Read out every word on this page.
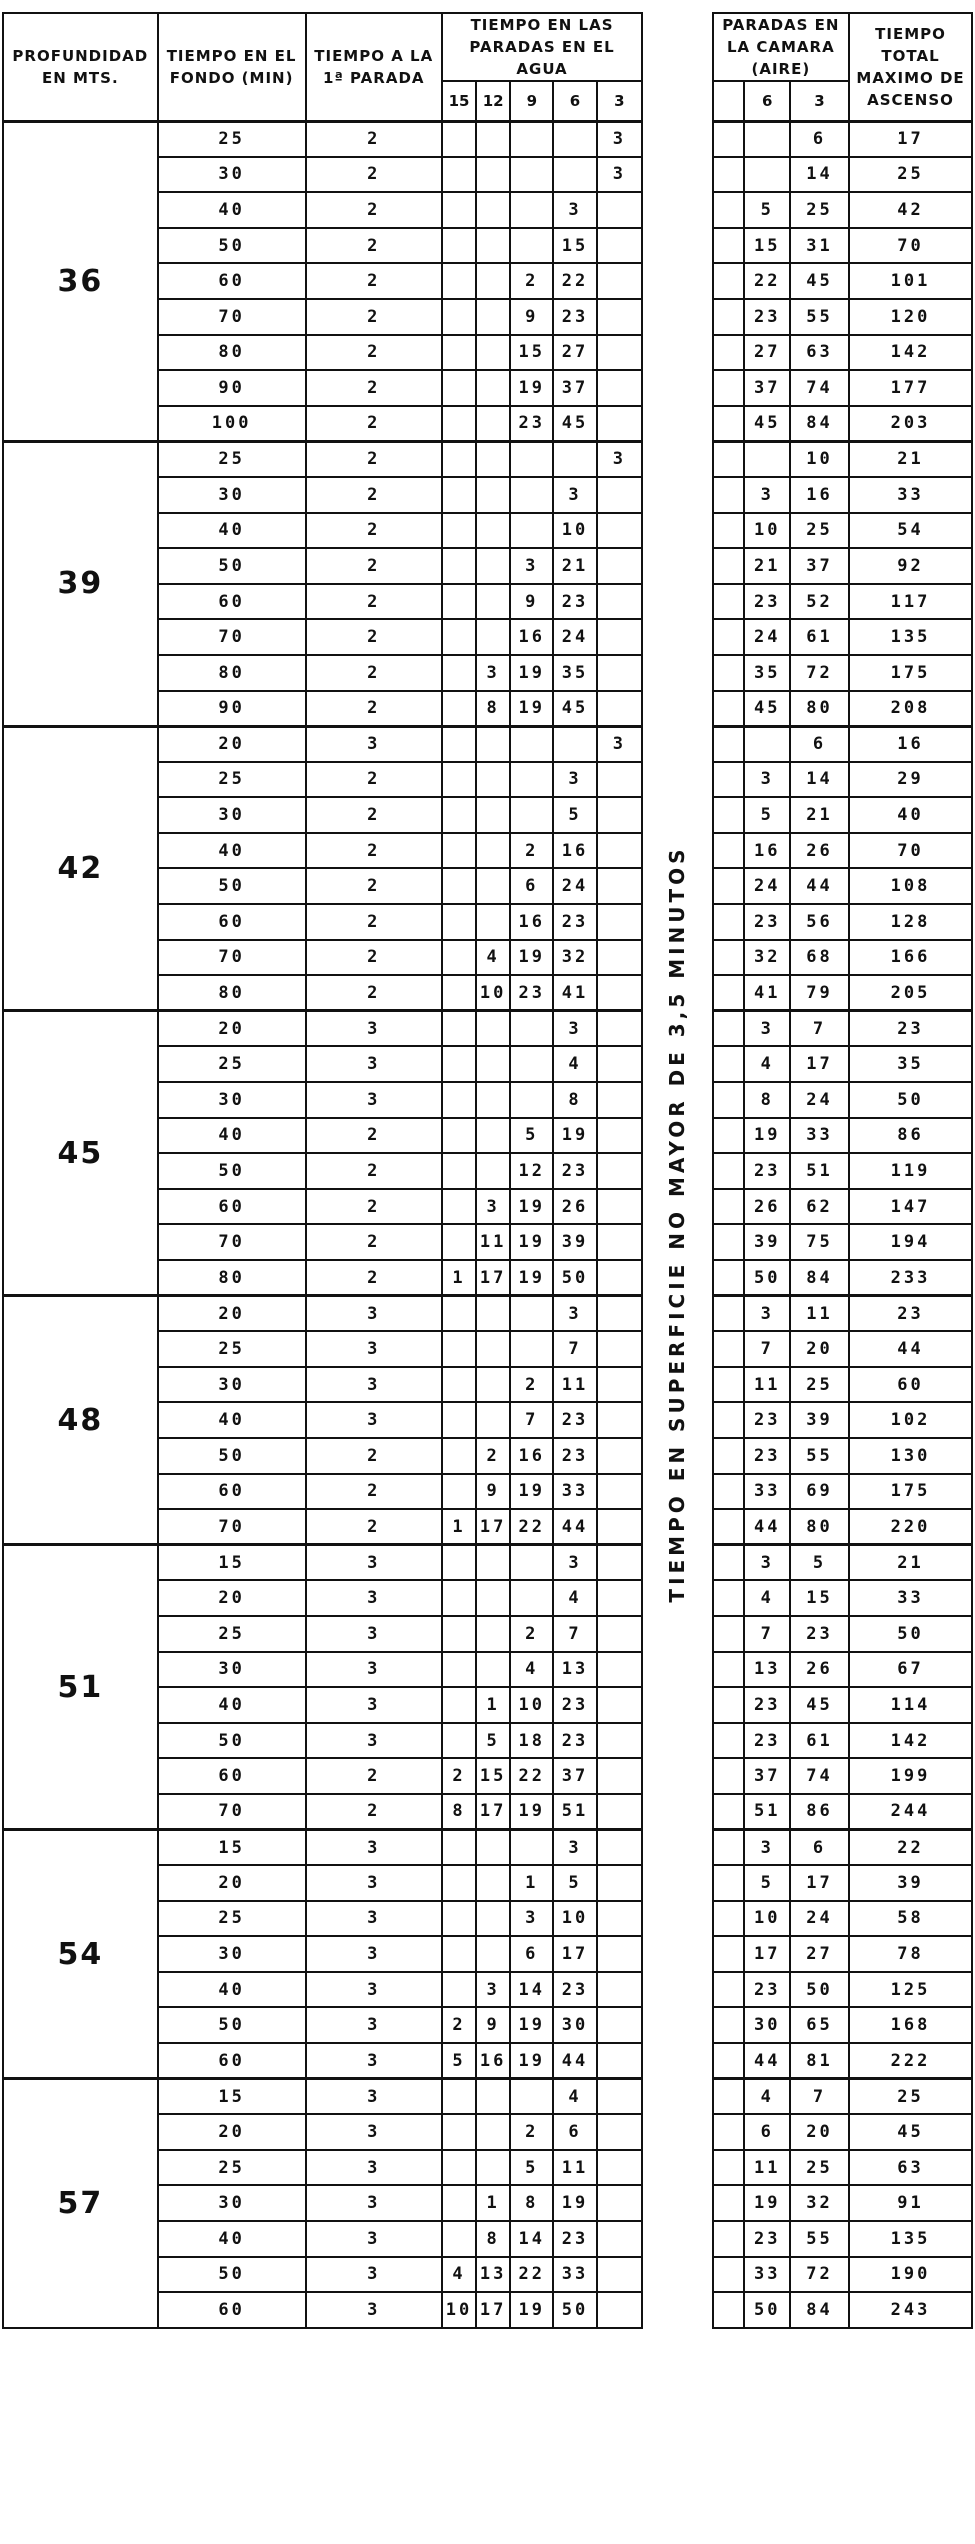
PROFUNDIDAD EN MTS.	TIEMPO EN EL FONDO (MIN)	TIEMPO A LA 1ª PARADA	TIEMPO EN LAS PARADAS EN EL AGUA						PARADAS EN LA CAMARA (AIRE)			TIEMPO TOTAL MAXIMO DE ASCENSO
			15	12	9	6	3			6	3	
36	25	2					3	TIEMPO EN SUPERFICIE NO MAYOR DE 3,5 MINUTOS			6	17
	30	2					3				14	25
	40	2				3				5	25	42
	50	2				15				15	31	70
	60	2			2	22				22	45	101
	70	2			9	23				23	55	120
	80	2			15	27				27	63	142
	90	2			19	37				37	74	177
	100	2			23	45				45	84	203
39	25	2					3				10	21
	30	2				3				3	16	33
	40	2				10				10	25	54
	50	2			3	21				21	37	92
	60	2			9	23				23	52	117
	70	2			16	24				24	61	135
	80	2		3	19	35				35	72	175
	90	2		8	19	45				45	80	208
42	20	3					3				6	16
	25	2				3				3	14	29
	30	2				5				5	21	40
	40	2			2	16				16	26	70
	50	2			6	24				24	44	108
	60	2			16	23				23	56	128
	70	2		4	19	32				32	68	166
	80	2		10	23	41				41	79	205
45	20	3				3				3	7	23
	25	3				4				4	17	35
	30	3				8				8	24	50
	40	2			5	19				19	33	86
	50	2			12	23				23	51	119
	60	2		3	19	26				26	62	147
	70	2		11	19	39				39	75	194
	80	2	1	17	19	50				50	84	233
48	20	3				3				3	11	23
	25	3				7				7	20	44
	30	3			2	11				11	25	60
	40	3			7	23				23	39	102
	50	2		2	16	23				23	55	130
	60	2		9	19	33				33	69	175
	70	2	1	17	22	44				44	80	220
51	15	3				3				3	5	21
	20	3				4				4	15	33
	25	3			2	7				7	23	50
	30	3			4	13				13	26	67
	40	3		1	10	23				23	45	114
	50	3		5	18	23				23	61	142
	60	2	2	15	22	37				37	74	199
	70	2	8	17	19	51				51	86	244
54	15	3				3				3	6	22
	20	3			1	5				5	17	39
	25	3			3	10				10	24	58
	30	3			6	17				17	27	78
	40	3		3	14	23				23	50	125
	50	3	2	9	19	30				30	65	168
	60	3	5	16	19	44				44	81	222
57	15	3				4				4	7	25
	20	3			2	6				6	20	45
	25	3			5	11				11	25	63
	30	3		1	8	19				19	32	91
	40	3		8	14	23				23	55	135
	50	3	4	13	22	33				33	72	190
	60	3	10	17	19	50				50	84	243
